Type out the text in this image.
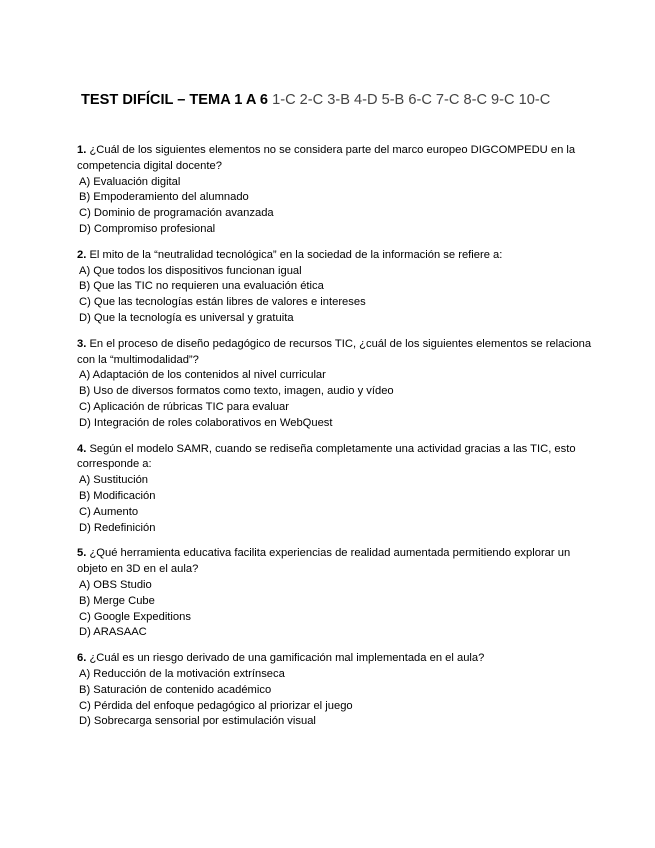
TEST DIFÍCIL – TEMA 1 A 6 1-C 2-C 3-B 4-D 5-B 6-C 7-C 8-C 9-C 10-C

1. ¿Cuál de los siguientes elementos no se considera parte del marco europeo DIGCOMPEDU en la competencia digital docente?

A) Evaluación digital

B) Empoderamiento del alumnado

C) Dominio de programación avanzada

D) Compromiso profesional

2. El mito de la “neutralidad tecnológica” en la sociedad de la información se refiere a:

A) Que todos los dispositivos funcionan igual

B) Que las TIC no requieren una evaluación ética

C) Que las tecnologías están libres de valores e intereses

D) Que la tecnología es universal y gratuita

3. En el proceso de diseño pedagógico de recursos TIC, ¿cuál de los siguientes elementos se relaciona con la “multimodalidad”?

A) Adaptación de los contenidos al nivel curricular

B) Uso de diversos formatos como texto, imagen, audio y vídeo

C) Aplicación de rúbricas TIC para evaluar

D) Integración de roles colaborativos en WebQuest

4. Según el modelo SAMR, cuando se rediseña completamente una actividad gracias a las TIC, esto corresponde a:

A) Sustitución

B) Modificación

C) Aumento

D) Redefinición

5. ¿Qué herramienta educativa facilita experiencias de realidad aumentada permitiendo explorar un objeto en 3D en el aula?

A) OBS Studio

B) Merge Cube

C) Google Expeditions

D) ARASAAC

6. ¿Cuál es un riesgo derivado de una gamificación mal implementada en el aula?

A) Reducción de la motivación extrínseca

B) Saturación de contenido académico

C) Pérdida del enfoque pedagógico al priorizar el juego

D) Sobrecarga sensorial por estimulación visual
